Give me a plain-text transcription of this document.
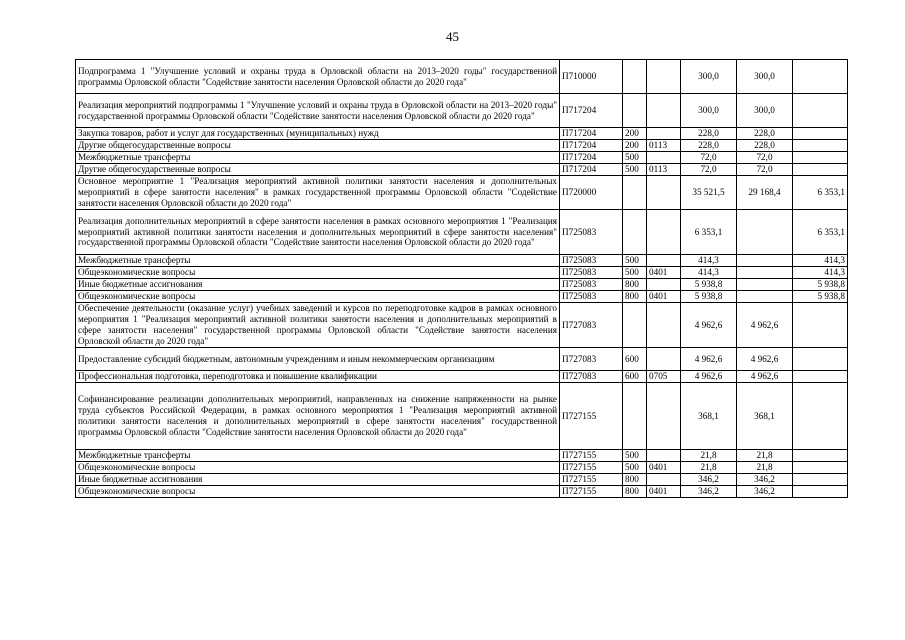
45
Подпрограмма 1 "Улучшение условий и охраны труда в Орловской области на 2013–2020 годы" государственной программы Орловской области "Содействие занятости населения Орловской области до 2020 года"	П710000			300,0	300,0	
Реализация мероприятий подпрограммы 1 "Улучшение условий и охраны труда в Орловской области на 2013–2020 годы" государственной программы Орловской области "Содействие занятости населения Орловской области до 2020 года"	П717204			300,0	300,0	
Закупка товаров, работ и услуг для государственных (муниципальных) нужд	П717204	200		228,0	228,0	
Другие общегосударственные вопросы	П717204	200	0113	228,0	228,0	
Межбюджетные трансферты	П717204	500		72,0	72,0	
Другие общегосударственные вопросы	П717204	500	0113	72,0	72,0	
Основное мероприятие 1 "Реализация мероприятий активной политики занятости населения и дополнительных мероприятий в сфере занятости населения" в рамках государственной программы Орловской области "Содействие занятости населения Орловской области до 2020 года"	П720000			35 521,5	29 168,4	6 353,1
Реализация дополнительных мероприятий в сфере занятости населения в рамках основного мероприятия 1 "Реализация мероприятий активной политики занятости населения и дополнительных мероприятий в сфере занятости населения" государственной программы Орловской области "Содействие занятости населения Орловской области до 2020 года"	П725083			6 353,1		6 353,1
Межбюджетные трансферты	П725083	500		414,3		414,3
Общеэкономические вопросы	П725083	500	0401	414,3		414,3
Иные бюджетные ассигнования	П725083	800		5 938,8		5 938,8
Общеэкономические вопросы	П725083	800	0401	5 938,8		5 938,8
Обеспечение деятельности (оказание услуг) учебных заведений и курсов по переподготовке кадров в рамках основного мероприятия 1 "Реализация мероприятий активной политики занятости населения и дополнительных мероприятий в сфере занятости населения" государственной программы Орловской области "Содействие занятости населения Орловской области до 2020 года"	П727083			4 962,6	4 962,6	
Предоставление субсидий бюджетным, автономным учреждениям и иным некоммерческим организациям	П727083	600		4 962,6	4 962,6	
Профессиональная подготовка, переподготовка и повышение квалификации	П727083	600	0705	4 962,6	4 962,6	
Софинансирование реализации дополнительных мероприятий, направленных на снижение напряженности на рынке труда субъектов Российской Федерации, в рамках основного мероприятия 1 "Реализация мероприятий активной политики занятости населения и дополнительных мероприятий в сфере занятости населения" государственной программы Орловской области "Содействие занятости населения Орловской области до 2020 года"	П727155			368,1	368,1	
Межбюджетные трансферты	П727155	500		21,8	21,8	
Общеэкономические вопросы	П727155	500	0401	21,8	21,8	
Иные бюджетные ассигнования	П727155	800		346,2	346,2	
Общеэкономические вопросы	П727155	800	0401	346,2	346,2	
